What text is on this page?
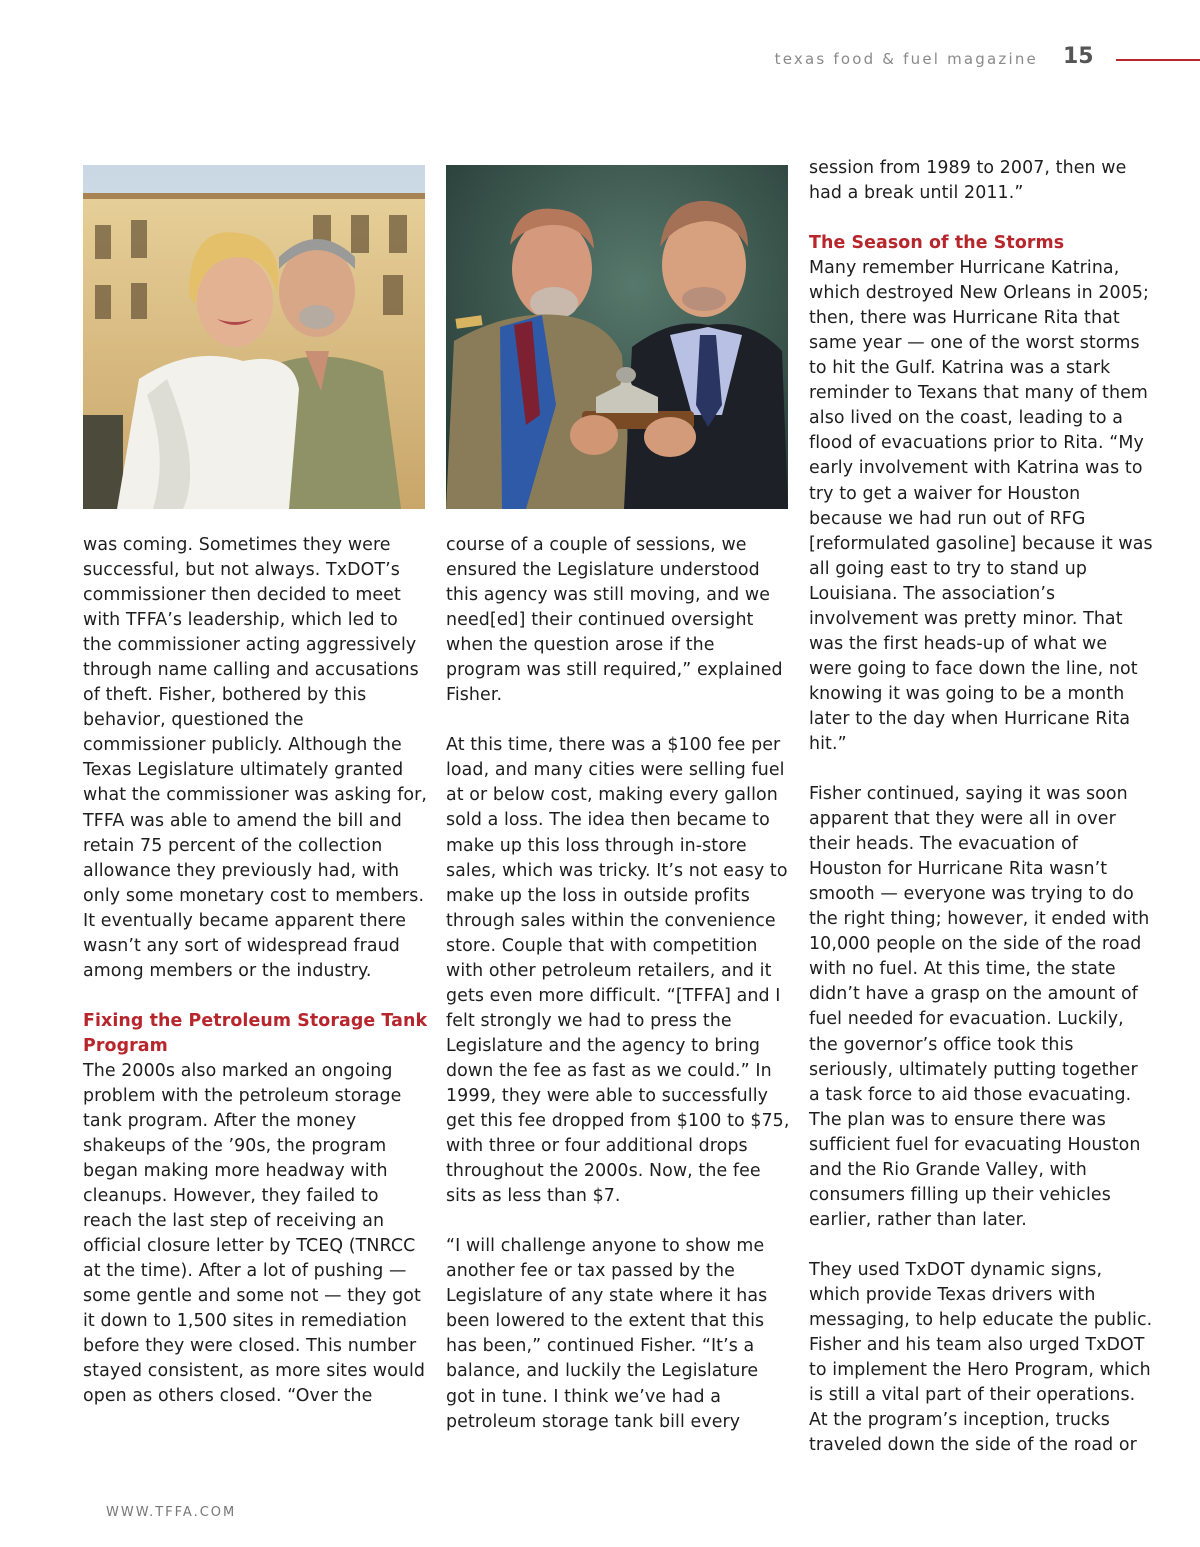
texas food & fuel magazine 15

was coming. Sometimes they were successful, but not always. TxDOT’s commissioner then decided to meet with TFFA’s leadership, which led to the commissioner acting aggressively through name calling and accusations of theft. Fisher, bothered by this behavior, questioned the commissioner publicly. Although the Texas Legislature ultimately granted what the commissioner was asking for, TFFA was able to amend the bill and retain 75 percent of the collection allowance they previously had, with only some monetary cost to members. It eventually became apparent there wasn’t any sort of widespread fraud among members or the industry.

Fixing the Petroleum Storage Tank Program

The 2000s also marked an ongoing problem with the petroleum storage tank program. After the money shakeups of the ’90s, the program began making more headway with cleanups. However, they failed to reach the last step of receiving an official closure letter by TCEQ (TNRCC at the time). After a lot of pushing — some gentle and some not — they got it down to 1,500 sites in remediation before they were closed. This number stayed consistent, as more sites would open as others closed. “Over the

course of a couple of sessions, we ensured the Legislature understood this agency was still moving, and we need[ed] their continued oversight when the question arose if the program was still required,” explained Fisher.

At this time, there was a $100 fee per load, and many cities were selling fuel at or below cost, making every gallon sold a loss. The idea then became to make up this loss through in-store sales, which was tricky. It’s not easy to make up the loss in outside profits through sales within the convenience store. Couple that with competition with other petroleum retailers, and it gets even more difficult. “[TFFA] and I felt strongly we had to press the Legislature and the agency to bring down the fee as fast as we could.” In 1999, they were able to successfully get this fee dropped from $100 to $75, with three or four additional drops throughout the 2000s. Now, the fee sits as less than $7.

“I will challenge anyone to show me another fee or tax passed by the Legislature of any state where it has been lowered to the extent that this has been,” continued Fisher. “It’s a balance, and luckily the Legislature got in tune. I think we’ve had a petroleum storage tank bill every

session from 1989 to 2007, then we had a break until 2011.”

The Season of the Storms

Many remember Hurricane Katrina, which destroyed New Orleans in 2005; then, there was Hurricane Rita that same year — one of the worst storms to hit the Gulf. Katrina was a stark reminder to Texans that many of them also lived on the coast, leading to a flood of evacuations prior to Rita. “My early involvement with Katrina was to try to get a waiver for Houston because we had run out of RFG [reformulated gasoline] because it was all going east to try to stand up Louisiana. The association’s involvement was pretty minor. That was the first heads-up of what we were going to face down the line, not knowing it was going to be a month later to the day when Hurricane Rita hit.”

Fisher continued, saying it was soon apparent that they were all in over their heads. The evacuation of Houston for Hurricane Rita wasn’t smooth — everyone was trying to do the right thing; however, it ended with 10,000 people on the side of the road with no fuel. At this time, the state didn’t have a grasp on the amount of fuel needed for evacuation. Luckily, the governor’s office took this seriously, ultimately putting together a task force to aid those evacuating. The plan was to ensure there was sufficient fuel for evacuating Houston and the Rio Grande Valley, with consumers filling up their vehicles earlier, rather than later.

They used TxDOT dynamic signs, which provide Texas drivers with messaging, to help educate the public. Fisher and his team also urged TxDOT to implement the Hero Program, which is still a vital part of their operations. At the program’s inception, trucks traveled down the side of the road or

WWW.TFFA.COM
